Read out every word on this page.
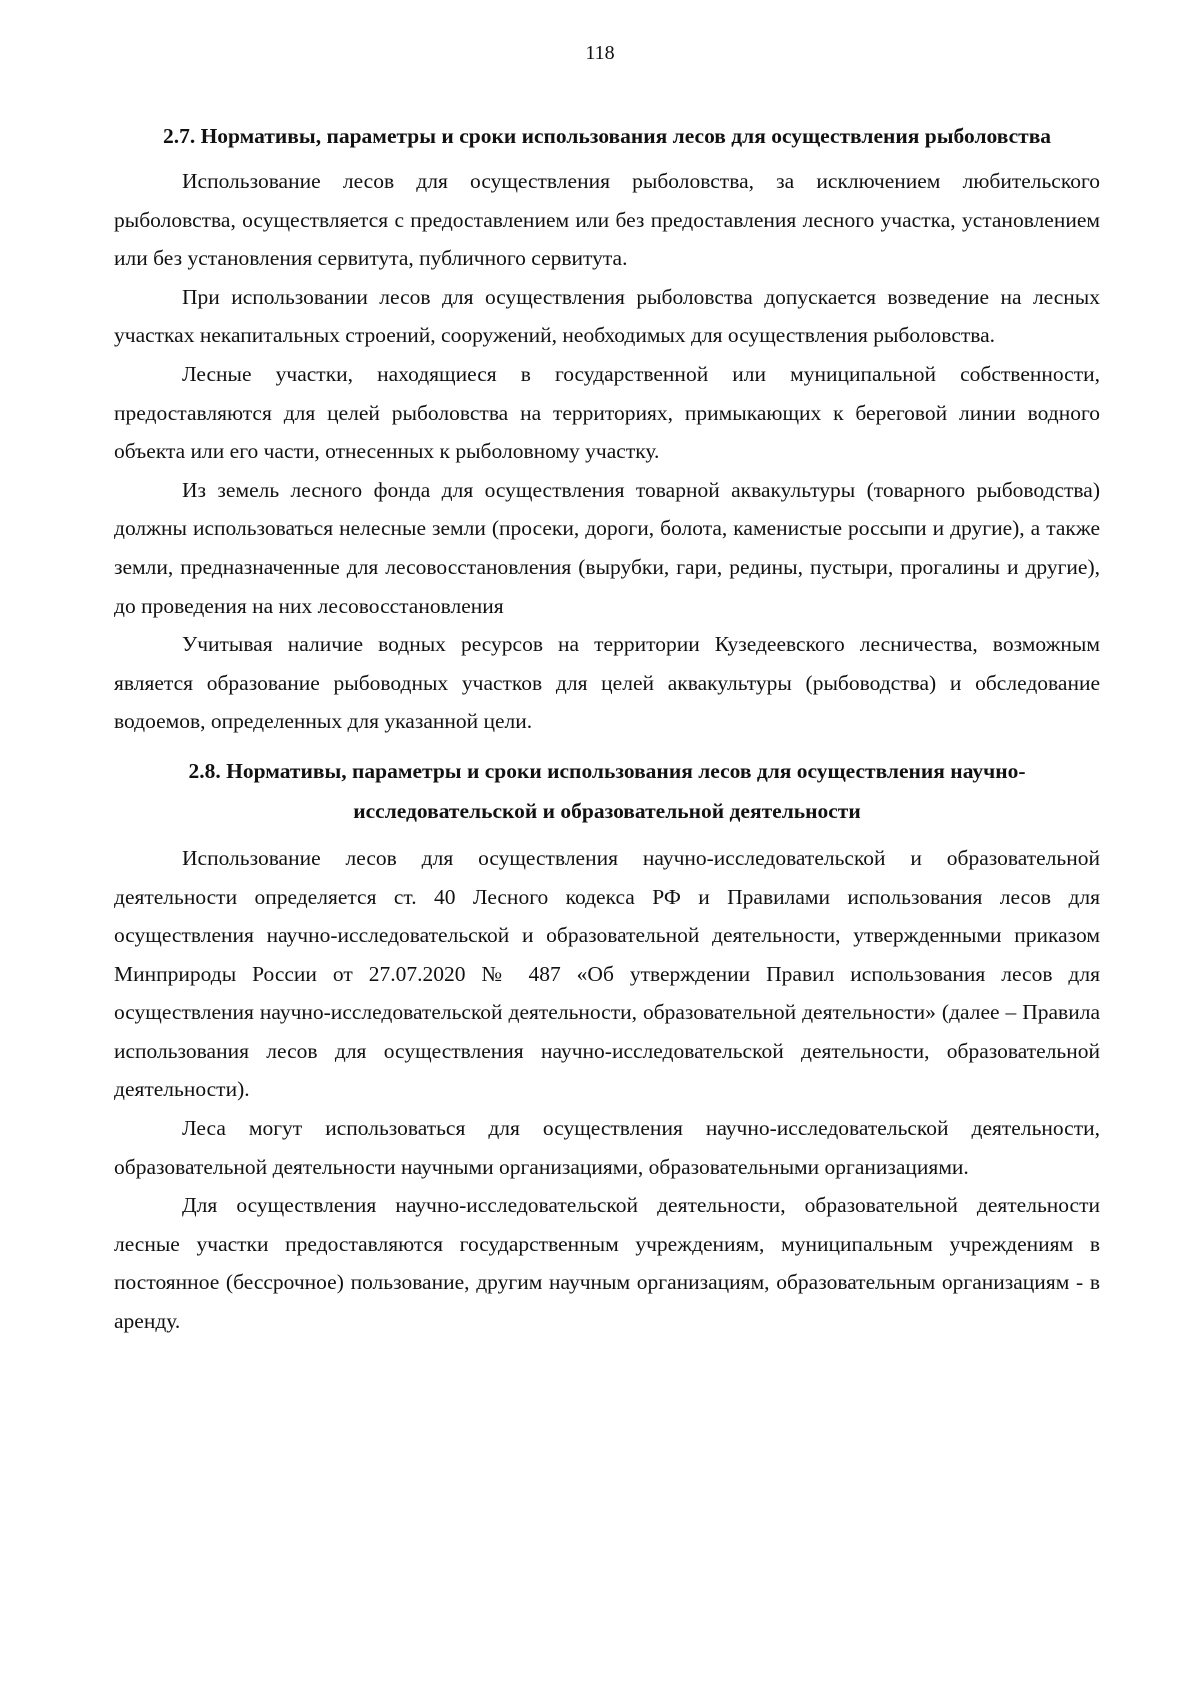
118
2.7. Нормативы, параметры и сроки использования лесов для осуществления рыболовства

Использование лесов для осуществления рыболовства, за исключением любительского рыболовства, осуществляется с предоставлением или без предоставления лесного участка, установлением или без установления сервитута, публичного сервитута.

При использовании лесов для осуществления рыболовства допускается возведение на лесных участках некапитальных строений, сооружений, необходимых для осуществления рыболовства.

Лесные участки, находящиеся в государственной или муниципальной собственности, предоставляются для целей рыболовства на территориях, примыкающих к береговой линии водного объекта или его части, отнесенных к рыболовному участку.

Из земель лесного фонда для осуществления товарной аквакультуры (товарного рыбоводства) должны использоваться нелесные земли (просеки, дороги, болота, каменистые россыпи и другие), а также земли, предназначенные для лесовосстановления (вырубки, гари, редины, пустыри, прогалины и другие), до проведения на них лесовосстановления

Учитывая наличие водных ресурсов на территории Кузедеевского лесничества, возможным является образование рыбоводных участков для целей аквакультуры (рыбоводства) и обследование водоемов, определенных для указанной цели.

2.8. Нормативы, параметры и сроки использования лесов для осуществления научно-исследовательской и образовательной деятельности

Использование лесов для осуществления научно-исследовательской и образовательной деятельности определяется ст. 40 Лесного кодекса РФ и Правилами использования лесов для осуществления научно-исследовательской и образовательной деятельности, утвержденными приказом Минприроды России от 27.07.2020 № 487 «Об утверждении Правил использования лесов для осуществления научно-исследовательской деятельности, образовательной деятельности» (далее – Правила использования лесов для осуществления научно-исследовательской деятельности, образовательной деятельности).

Леса могут использоваться для осуществления научно-исследовательской деятельности, образовательной деятельности научными организациями, образовательными организациями.

Для осуществления научно-исследовательской деятельности, образовательной деятельности лесные участки предоставляются государственным учреждениям, муниципальным учреждениям в постоянное (бессрочное) пользование, другим научным организациям, образовательным организациям - в аренду.
